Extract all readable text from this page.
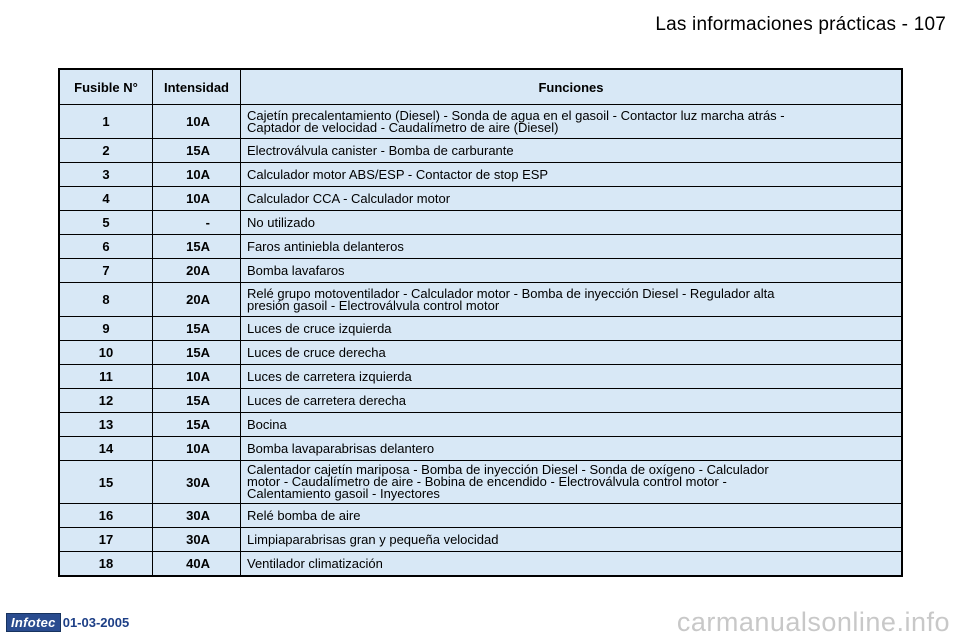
Las informaciones prácticas - 107
Fusible N°	Intensidad	Funciones
1	10A	Cajetín precalentamiento (Diesel) - Sonda de agua en el gasoil - Contactor luz marcha atrás -
Captador de velocidad - Caudalímetro de aire (Diesel)

2	15A	Electroválvula canister - Bomba de carburante

3	10A	Calculador motor ABS/ESP - Contactor de stop ESP

4	10A	Calculador CCA - Calculador motor

5	-	No utilizado

6	15A	Faros antiniebla delanteros

7	20A	Bomba lavafaros

8	20A	Relé grupo motoventilador - Calculador motor - Bomba de inyección Diesel - Regulador alta
presión gasoil - Electroválvula control motor

9	15A	Luces de cruce izquierda

10	15A	Luces de cruce derecha

11	10A	Luces de carretera izquierda

12	15A	Luces de carretera derecha

13	15A	Bocina

14	10A	Bomba lavaparabrisas delantero

15	30A	Calentador cajetín mariposa - Bomba de inyección Diesel - Sonda de oxígeno - Calculador
motor - Caudalímetro de aire - Bobina de encendido - Electroválvula control motor -
Calentamiento gasoil - Inyectores

16	30A	Relé bomba de aire

17	30A	Limpiaparabrisas gran y pequeña velocidad

18	40A	Ventilador climatización
Infotec 01-03-2005	carmanualsonline.info
